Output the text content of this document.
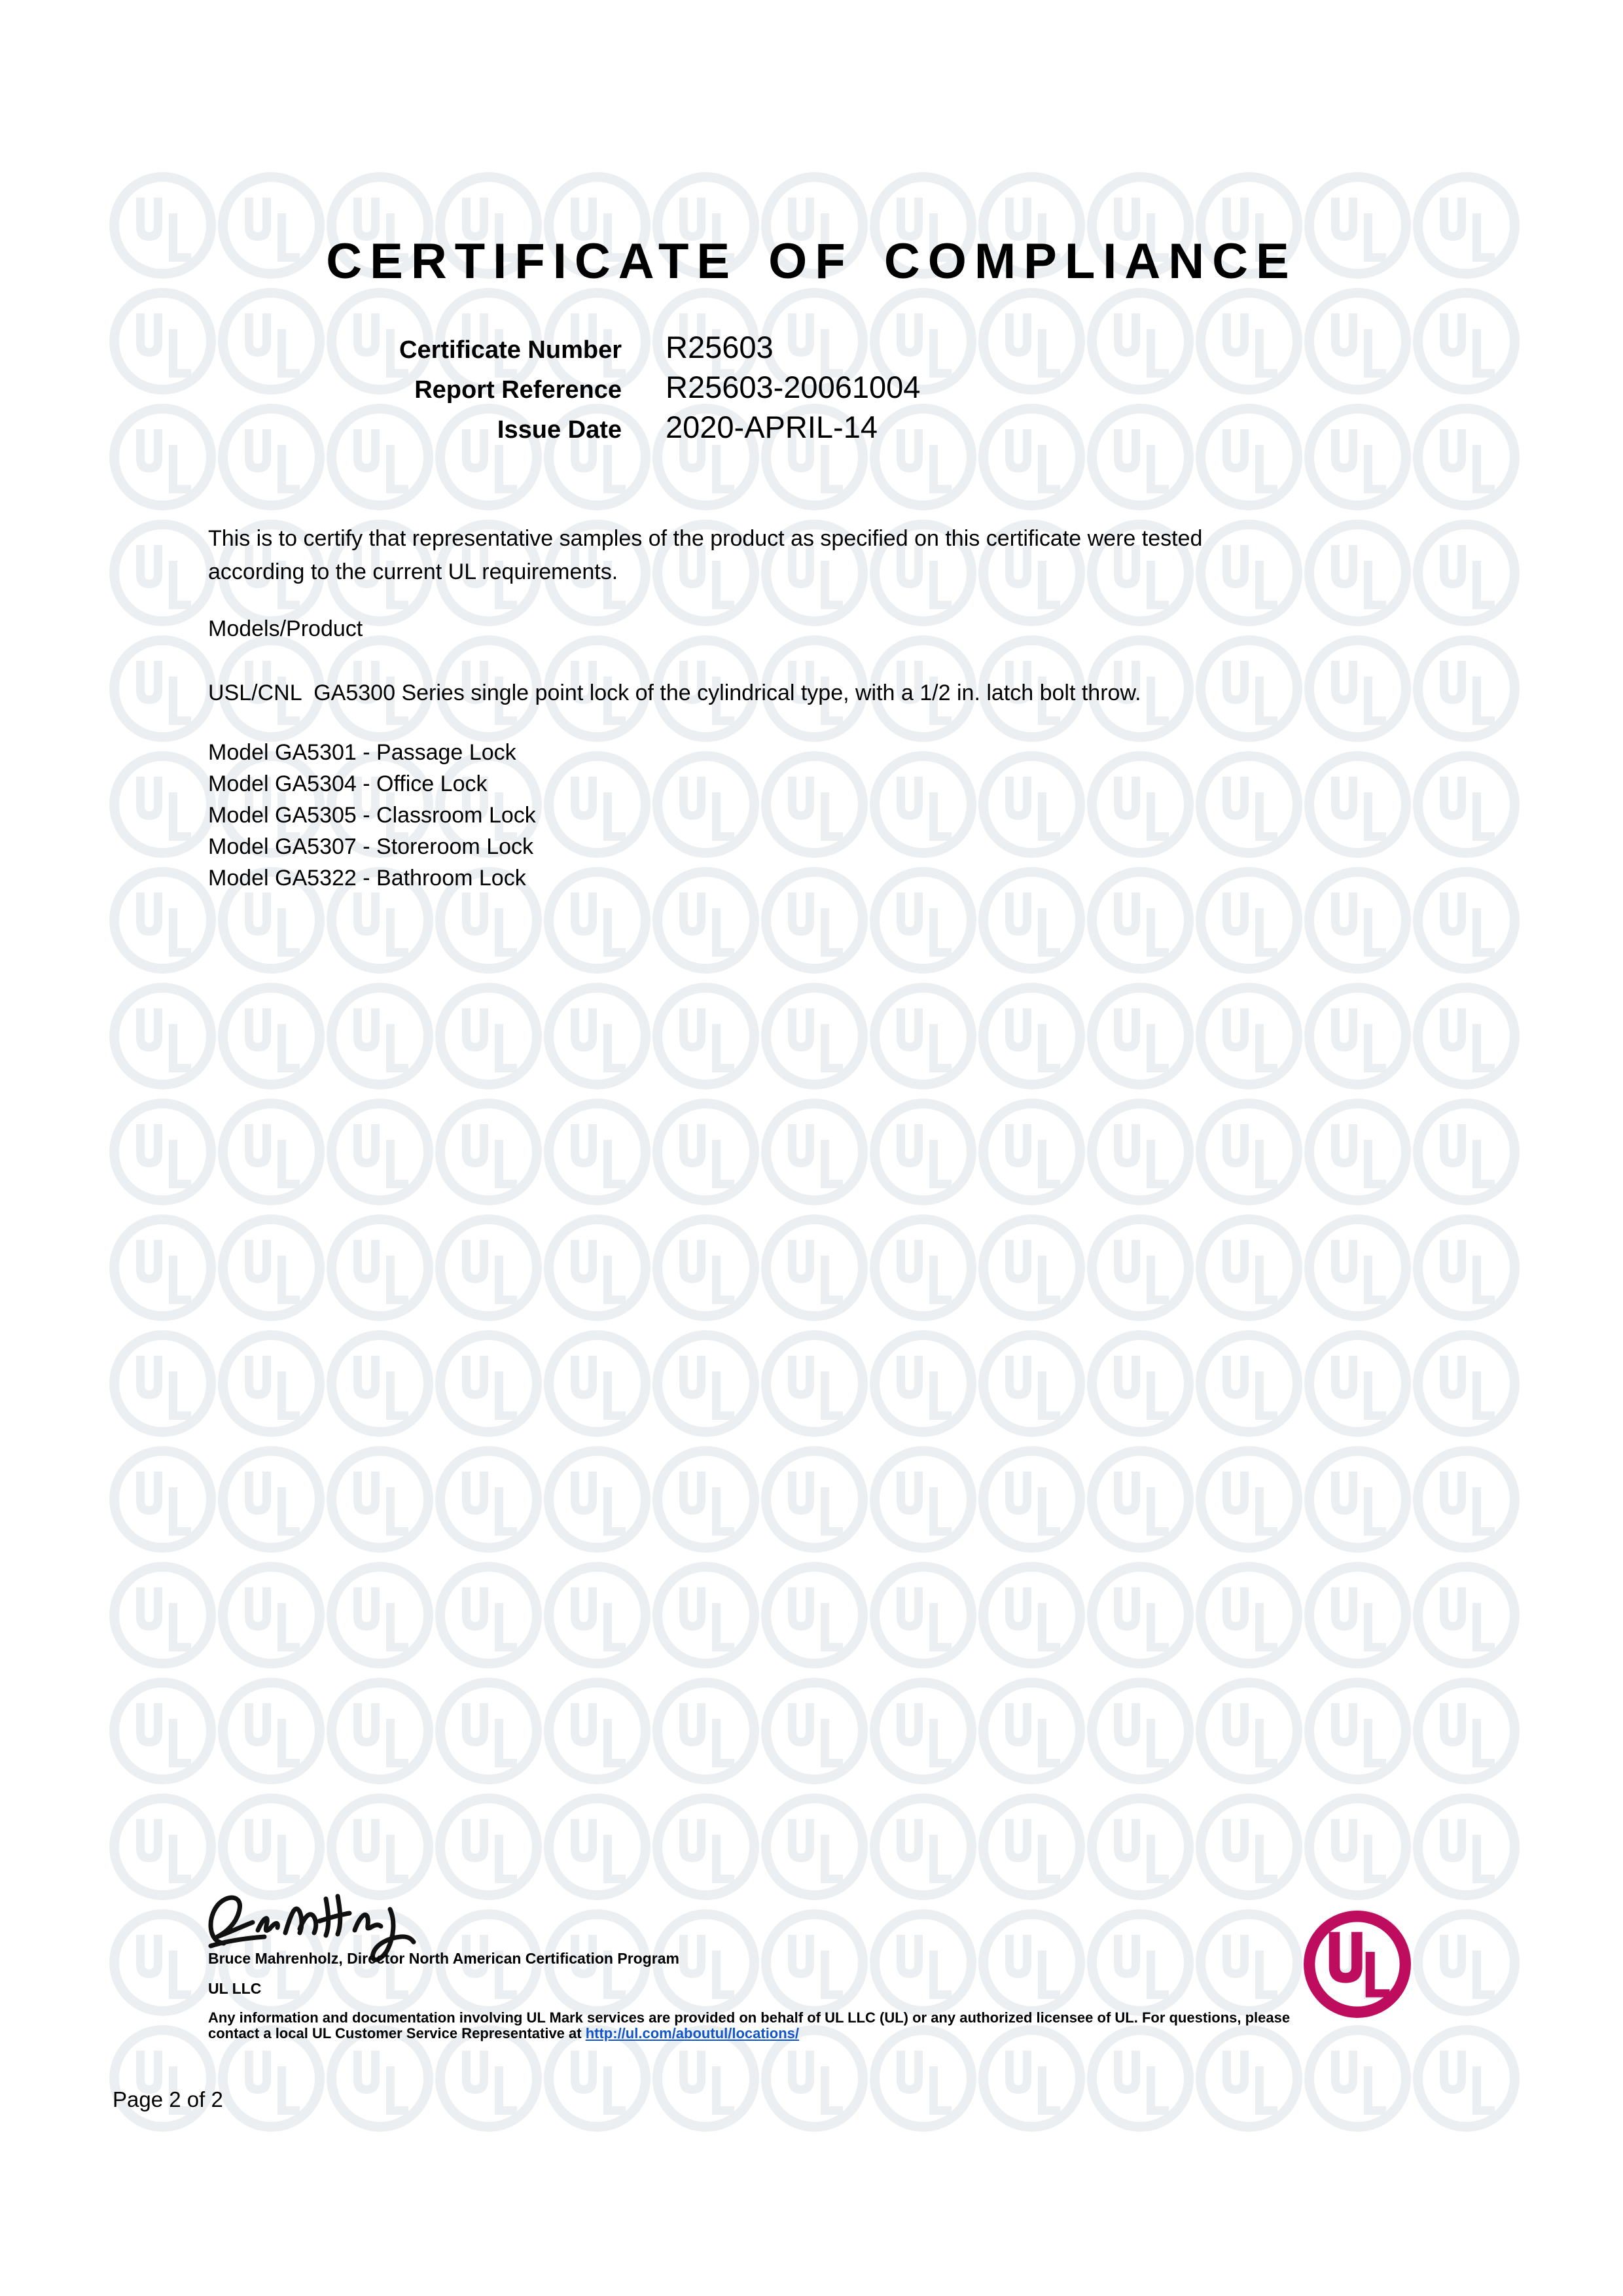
CERTIFICATE OF COMPLIANCE
Certificate Number R25603
Report Reference R25603-20061004
Issue Date 2020-APRIL-14
This is to certify that representative samples of the product as specified on this certificate were tested
according to the current UL requirements.
Models/Product
USL/CNL  GA5300 Series single point lock of the cylindrical type, with a 1/2 in. latch bolt throw.
Model GA5301 - Passage Lock
Model GA5304 - Office Lock
Model GA5305 - Classroom Lock
Model GA5307 - Storeroom Lock
Model GA5322 - Bathroom Lock
Bruce Mahrenholz, Director North American Certification Program
UL LLC
Any information and documentation involving UL Mark services are provided on behalf of UL LLC (UL) or any authorized licensee of UL. For questions, please
contact a local UL Customer Service Representative at http://ul.com/aboutul/locations/
Page 2 of 2
